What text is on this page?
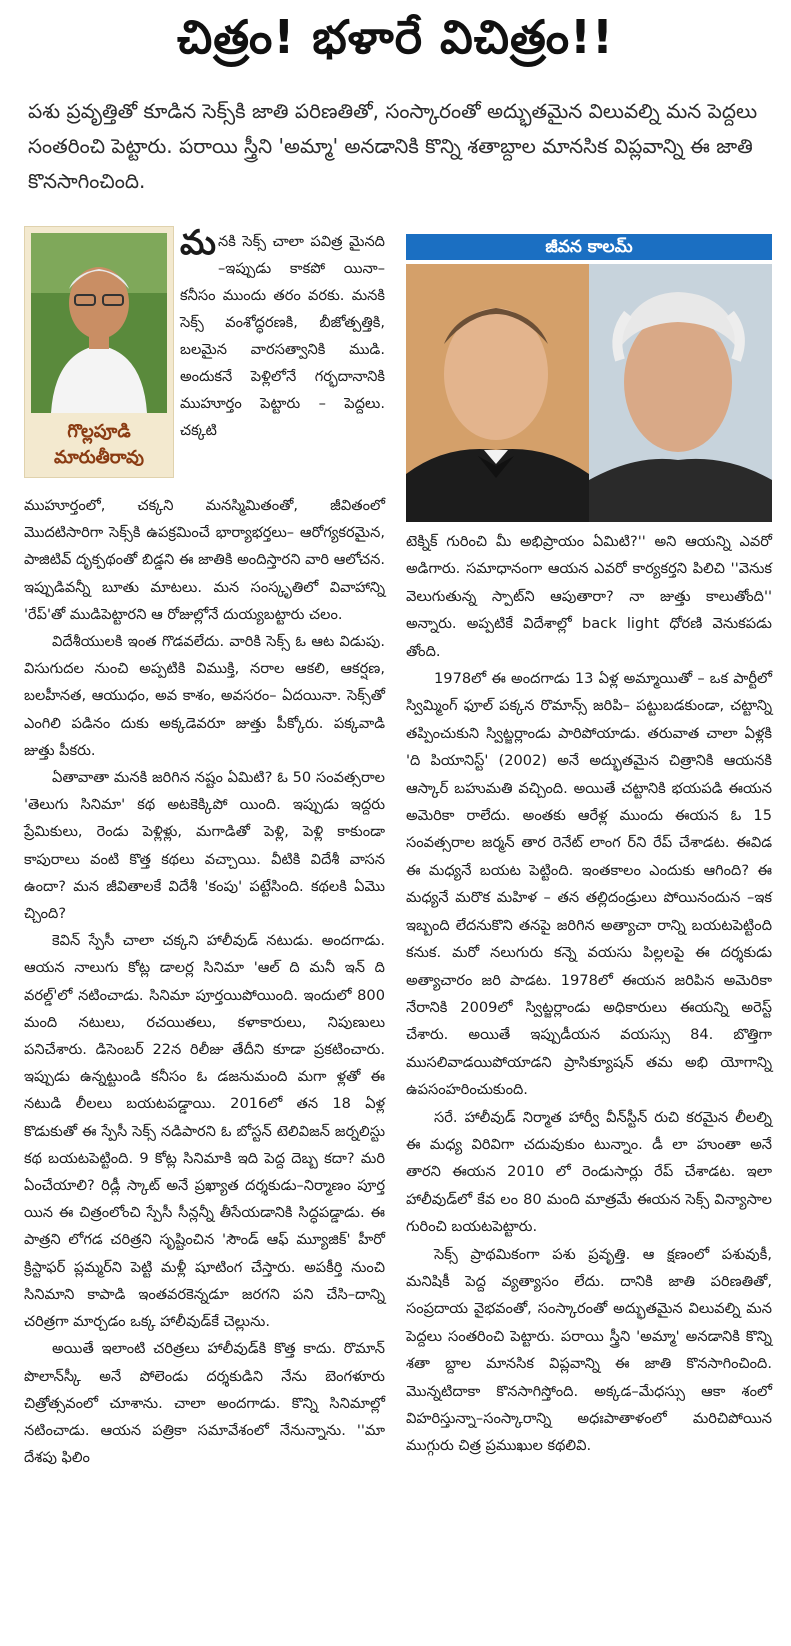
చిత్రం! భళారే విచిత్రం!!
పశు ప్రవృత్తితో కూడిన సెక్స్‌కి జాతి పరిణతితో, సంస్కారంతో అద్భుతమైన విలువల్ని మన పెద్దలు సంతరించి పెట్టారు. పరాయి స్త్రీని 'అమ్మా' అనడానికి కొన్ని శతాబ్దాల మానసిక విప్లవాన్ని ఈ జాతి కొనసాగించింది.
గొల్లపూడి
మారుతీరావు

మనకి సెక్స్ చాలా పవిత్ర మైనది –ఇప్పుడు కాకపో యినా– కనీసం ముందు తరం వరకు. మనకి సెక్స్ వంశోద్ధరణకి, బీజోత్పత్తికి, బలమైన వారసత్వానికి ముడి. అందుకనే పెళ్లిలోనే గర్భదానానికి ముహూర్తం పెట్టారు – పెద్దలు. చక్కటి

ముహూర్తంలో, చక్కని మనస్మిమితంతో, జీవితంలో మొదటిసారిగా సెక్స్‌కి ఉపక్రమించే భార్యాభర్తలు– ఆరోగ్యకరమైన, పాజిటివ్ దృక్పథంతో బిడ్డని ఈ జాతికి అందిస్తారని వారి ఆలోచన. ఇప్పుడివన్నీ బూతు మాటలు. మన సంస్కృతిలో వివాహాన్ని 'రేప్'తో ముడిపెట్టారని ఆ రోజుల్లోనే దుయ్యబట్టారు చలం.

విదేశీయులకి ఇంత గొడవలేదు. వారికి సెక్స్ ఓ ఆట విడుపు. విసుగుదల నుంచి అప్పటికి విముక్తి, నరాల ఆకలి, ఆకర్షణ, బలహీనత, ఆయుధం, అవ కాశం, అవసరం– ఏదయినా. సెక్స్‌తో ఎంగిలి పడినం దుకు అక్కడెవరూ జుత్తు పీక్కోరు. పక్కవాడి జుత్తు పీకరు.

ఏతావాతా మనకి జరిగిన నష్టం ఏమిటి? ఓ 50 సంవత్సరాల 'తెలుగు సినిమా' కథ అటకెక్కిపో యింది. ఇప్పుడు ఇద్దరు ప్రేమికులు, రెండు పెళ్లిళ్లు, మగాడితో పెళ్లి, పెళ్లి కాకుండా కాపురాలు వంటి కొత్త కథలు వచ్చాయి. వీటికి విదేశీ వాసన ఉందా? మన జీవితాలకే విదేశీ 'కంపు' పట్టేసింది. కథలకి ఏమొ చ్చింది?

కెవిన్ స్పేసీ చాలా చక్కని హాలీవుడ్ నటుడు. అందగాడు. ఆయన నాలుగు కోట్ల డాలర్ల సినిమా 'ఆల్ ది మనీ ఇన్ ది వరల్డ్'లో నటించాడు. సినిమా పూర్తయిపోయింది. ఇందులో 800 మంది నటులు, రచయితలు, కళాకారులు, నిపుణులు పనిచేశారు. డిసెంబర్ 22న రిలీజు తేదీని కూడా ప్రకటించారు. ఇప్పుడు ఉన్నట్టుండి కనీసం ఓ డజనుమంది మగా ళ్లతో ఈ నటుడి లీలలు బయటపడ్డాయి. 2016లో తన 18 ఏళ్ల కొడుకుతో ఈ స్పేసీ సెక్స్ నడిపారని ఓ బోస్టన్ టెలివిజన్ జర్నలిస్టు కథ బయటపెట్టింది. 9 కోట్ల సినిమాకి ఇది పెద్ద దెబ్బ కదా? మరి ఏంచేయాలి? రిడ్లీ స్కాట్ అనే ప్రఖ్యాత దర్శకుడు–నిర్మాణం పూర్త యిన ఈ చిత్రంలోంచి స్పేసీ సీన్లన్నీ తీసేయడానికి సిద్ధపడ్డాడు. ఈ పాత్రని లోగడ చరిత్రని సృష్టించిన 'సౌండ్ ఆఫ్ మ్యూజిక్' హీరో క్రిస్టాఫర్ ప్లమ్మర్‌ని పెట్టి మళ్లీ షూటింగ చేస్తారు. అపకీర్తి నుంచి సినిమాని కాపాడి ఇంతవరకెన్నడూ జరగని పని చేసి–దాన్ని చరిత్రగా మార్చడం ఒక్క హాలీవుడ్‌కే చెల్లును.

అయితే ఇలాంటి చరిత్రలు హాలీవుడ్‌కి కొత్త కాదు. రొమాన్ పొలాన్‌స్కీ అనే పోలెండు దర్శకుడిని నేను బెంగళూరు చిత్రోత్సవంలో చూశాను. చాలా అందగాడు. కొన్ని సినిమాల్లో నటించాడు. ఆయన పత్రికా సమావేశంలో నేనున్నాను. ''మా దేశపు ఫిలిం

జీవన కాలమ్

టెక్నిక్ గురించి మీ అభిప్రాయం ఏమిటి?'' అని ఆయన్ని ఎవరో అడిగారు. సమాధానంగా ఆయన ఎవరో కార్యకర్తని పిలిచి ''వెనుక వెలుగుతున్న స్పాట్‌ని ఆపుతారా? నా జుత్తు కాలుతోంది'' అన్నారు. అప్పటికే విదేశాల్లో back light ధోరణి వెనుకపడు తోంది.

1978లో ఈ అందగాడు 13 ఏళ్ల అమ్మాయితో – ఒక పార్టీలో స్విమ్మింగ్ ఫూల్ పక్కన రొమాన్స్ జరిపి– పట్టుబడకుండా, చట్టాన్ని తప్పించుకుని స్విట్జర్లాండు పారిపోయాడు. తరువాత చాలా ఏళ్లకి 'ది పియానిస్ట్' (2002) అనే అద్భుతమైన చిత్రానికి ఆయనకి ఆస్కార్ బహుమతి వచ్చింది. అయితే చట్టానికి భయపడి ఈయన అమెరికా రాలేదు. అంతకు ఆరేళ్ల ముందు ఈయన ఓ 15 సంవత్సరాల జర్మన్ తార రెనేట్ లాంగ ర్‌ని రేప్ చేశాడట. ఈవిడ ఈ మధ్యనే బయట పెట్టింది. ఇంతకాలం ఎందుకు ఆగింది? ఈ మధ్యనే మరొక మహిళ – తన తల్లిదండ్రులు పోయినందున –ఇక ఇబ్బంది లేదనుకొని తనపై జరిగిన అత్యాచా రాన్ని బయటపెట్టింది కనుక. మరో నలుగురు కన్నె వయసు పిల్లలపై ఈ దర్శకుడు అత్యాచారం జరి పాడట. 1978లో ఈయన జరిపిన అమెరికా నేరానికి 2009లో స్విట్జర్లాండు అధికారులు ఈయన్ని అరెస్ట్ చేశారు. అయితే ఇప్పుడీయన వయస్సు 84. బొత్తిగా ముసలివాడయిపోయాడని ప్రాసిక్యూషన్ తమ అభి యోగాన్ని ఉపసంహరించుకుంది.

సరే. హాలీవుడ్ నిర్మాత హార్వీ వీన్‌స్టీన్ రుచి కరమైన లీలల్ని ఈ మధ్య విరివిగా చదువుకుం టున్నాం. డీ లా హుంతా అనే తారని ఈయన 2010 లో రెండుసార్లు రేప్ చేశాడట. ఇలా హాలీవుడ్‌లో కేవ లం 80 మంది మాత్రమే ఈయన సెక్స్ విన్యాసాల గురించి బయటపెట్టారు.

సెక్స్ ప్రాథమికంగా పశు ప్రవృత్తి. ఆ క్షణంలో పశువుకీ, మనిషికీ పెద్ద వ్యత్యాసం లేదు. దానికి జాతి పరిణతితో, సంప్రదాయ వైభవంతో, సంస్కారంతో అద్భుతమైన విలువల్ని మన పెద్దలు సంతరించి పెట్టారు. పరాయి స్త్రీని 'అమ్మా' అనడానికి కొన్ని శతా బ్దాల మానసిక విప్లవాన్ని ఈ జాతి కొనసాగించింది. మొన్నటిదాకా కొనసాగిస్తోంది. అక్కడ–మేధస్సు ఆకా శంలో విహరిస్తున్నా–సంస్కారాన్ని అధఃపాతాళంలో మరిచిపోయిన ముగ్గురు చిత్ర ప్రముఖుల కథలివి.
